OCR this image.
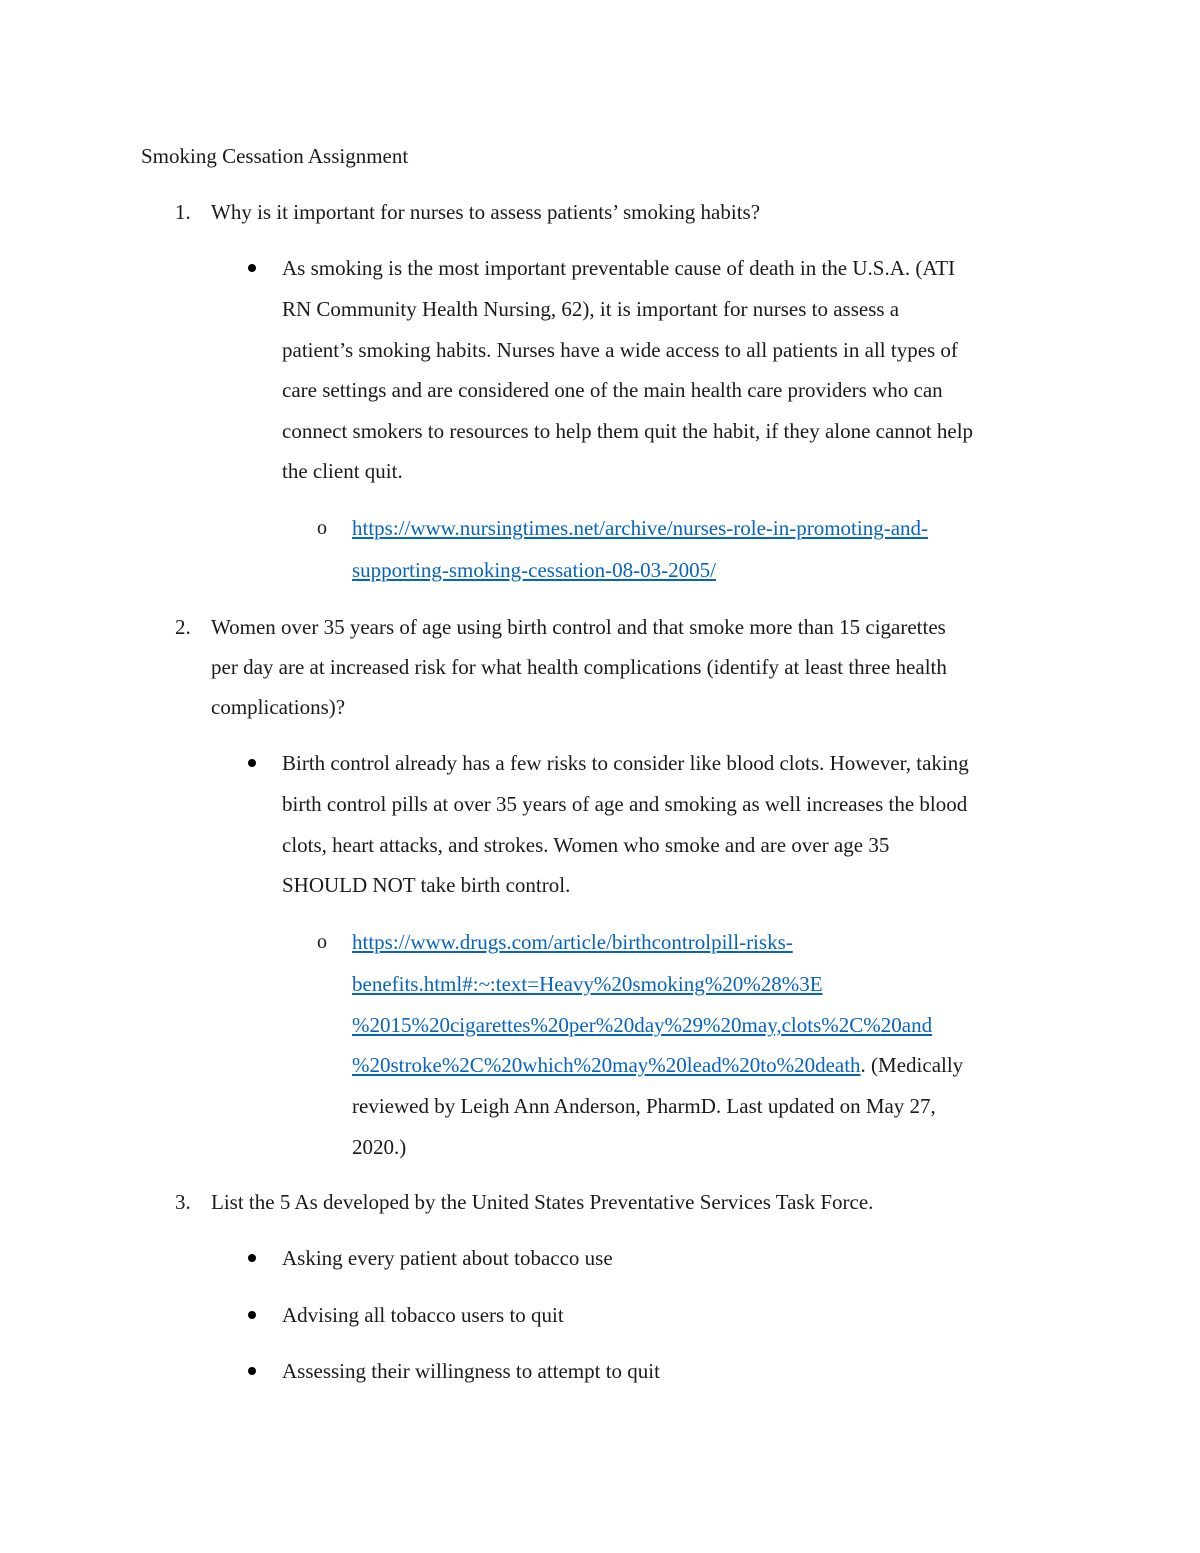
Smoking Cessation Assignment
1. Why is it important for nurses to assess patients’ smoking habits?
As smoking is the most important preventable cause of death in the U.S.A. (ATI
RN Community Health Nursing, 62), it is important for nurses to assess a
patient’s smoking habits. Nurses have a wide access to all patients in all types of
care settings and are considered one of the main health care providers who can
connect smokers to resources to help them quit the habit, if they alone cannot help
the client quit.
o https://www.nursingtimes.net/archive/nurses-role-in-promoting-and-
supporting-smoking-cessation-08-03-2005/
2. Women over 35 years of age using birth control and that smoke more than 15 cigarettes
per day are at increased risk for what health complications (identify at least three health
complications)?
Birth control already has a few risks to consider like blood clots. However, taking
birth control pills at over 35 years of age and smoking as well increases the blood
clots, heart attacks, and strokes. Women who smoke and are over age 35
SHOULD NOT take birth control.
o https://www.drugs.com/article/birthcontrolpill-risks-
benefits.html#:~:text=Heavy%20smoking%20%28%3E
%2015%20cigarettes%20per%20day%29%20may,clots%2C%20and
%20stroke%2C%20which%20may%20lead%20to%20death. (Medically
reviewed by Leigh Ann Anderson, PharmD. Last updated on May 27,
2020.)
3. List the 5 As developed by the United States Preventative Services Task Force.
Asking every patient about tobacco use
Advising all tobacco users to quit
Assessing their willingness to attempt to quit
